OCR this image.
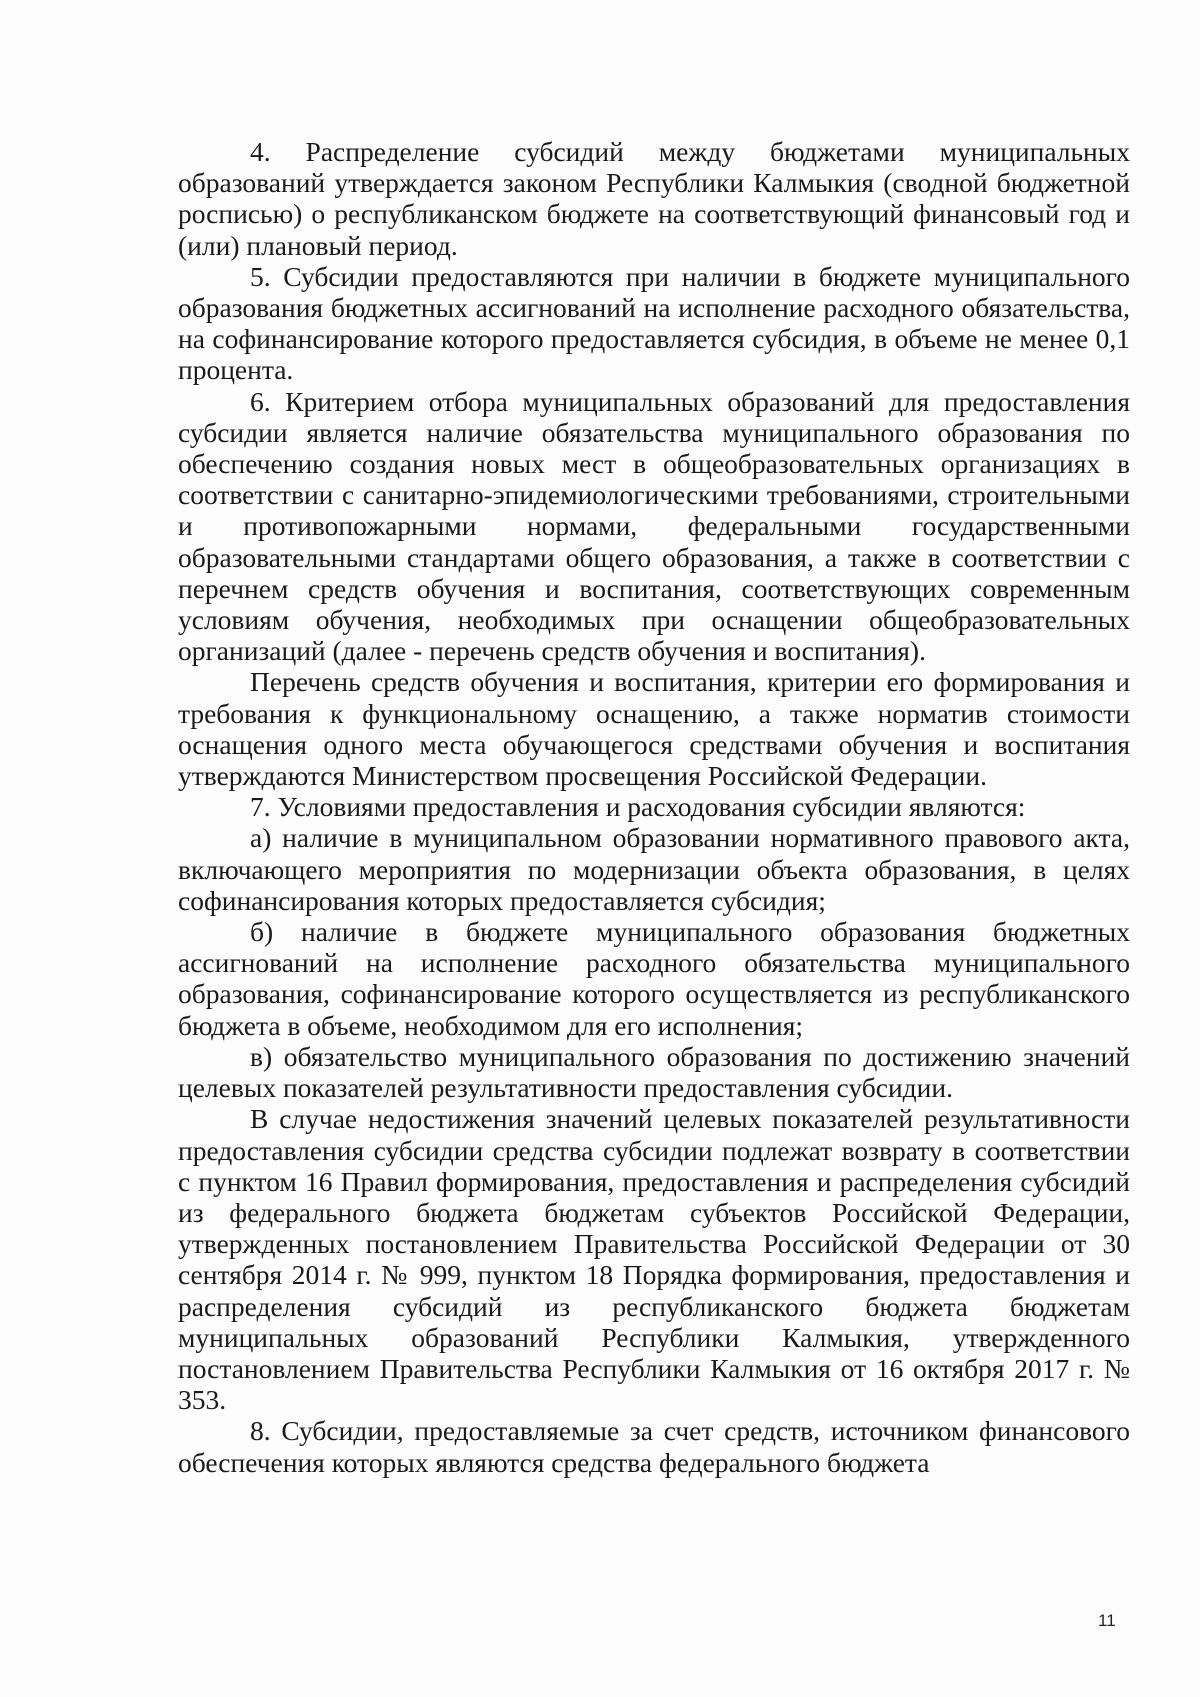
4. Распределение субсидий между бюджетами муниципальных образований утверждается законом Республики Калмыкия (сводной бюджетной росписью) о республиканском бюджете на соответствующий финансовый год и (или) плановый период.

5. Субсидии предоставляются при наличии в бюджете муниципального образования бюджетных ассигнований на исполнение расходного обязательства, на софинансирование которого предоставляется субсидия, в объеме не менее 0,1 процента.

6. Критерием отбора муниципальных образований для предоставления субсидии является наличие обязательства муниципального образования по обеспечению создания новых мест в общеобразовательных организациях в соответствии с санитарно-эпидемиологическими требованиями, строительными и противопожарными нормами, федеральными государственными образовательными стандартами общего образования, а также в соответствии с перечнем средств обучения и воспитания, соответствующих современным условиям обучения, необходимых при оснащении общеобразовательных организаций (далее - перечень средств обучения и воспитания).

Перечень средств обучения и воспитания, критерии его формирования и требования к функциональному оснащению, а также норматив стоимости оснащения одного места обучающегося средствами обучения и воспитания утверждаются Министерством просвещения Российской Федерации.

7. Условиями предоставления и расходования субсидии являются:

а) наличие в муниципальном образовании нормативного правового акта, включающего мероприятия по модернизации объекта образования, в целях софинансирования которых предоставляется субсидия;

б) наличие в бюджете муниципального образования бюджетных ассигнований на исполнение расходного обязательства муниципального образования, софинансирование которого осуществляется из республиканского бюджета в объеме, необходимом для его исполнения;

в) обязательство муниципального образования по достижению значений целевых показателей результативности предоставления субсидии.

В случае недостижения значений целевых показателей результативности предоставления субсидии средства субсидии подлежат возврату в соответствии с пунктом 16 Правил формирования, предоставления и распределения субсидий из федерального бюджета бюджетам субъектов Российской Федерации, утвержденных постановлением Правительства Российской Федерации от 30 сентября 2014 г. № 999, пунктом 18 Порядка формирования, предоставления и распределения субсидий из республиканского бюджета бюджетам муниципальных образований Республики Калмыкия, утвержденного постановлением Правительства Республики Калмыкия от 16 октября 2017 г. № 353.

8. Субсидии, предоставляемые за счет средств, источником финансового обеспечения которых являются средства федерального бюджета

11
